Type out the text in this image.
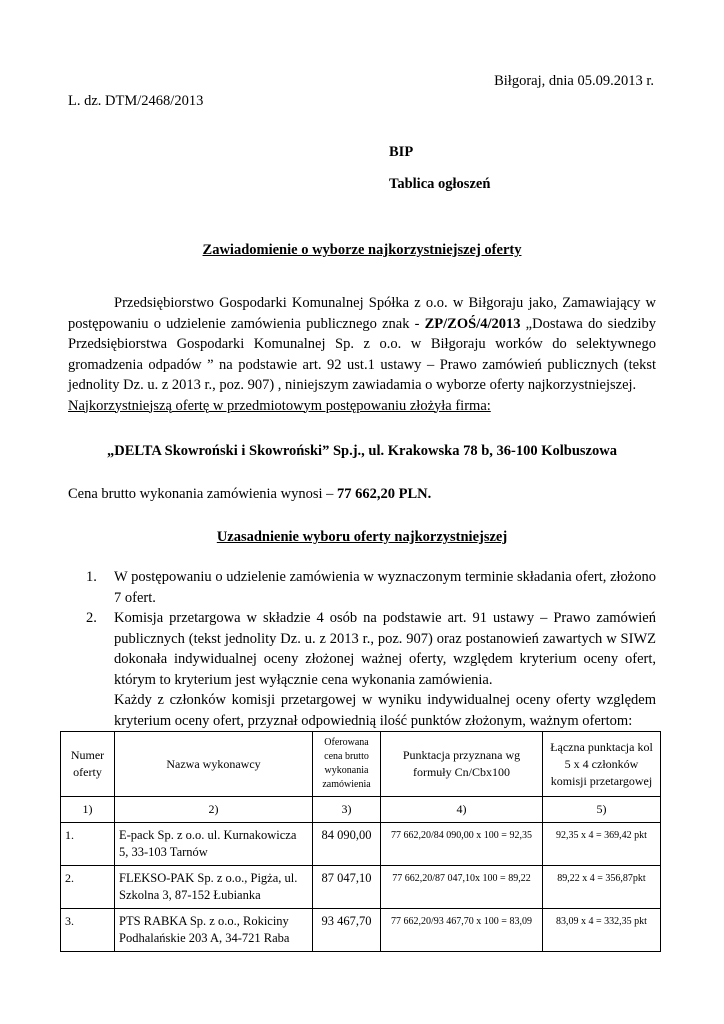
Biłgoraj, dnia 05.09.2013 r.
L. dz. DTM/2468/2013
BIP
Tablica ogłoszeń
Zawiadomienie o wyborze najkorzystniejszej oferty

Przedsiębiorstwo Gospodarki Komunalnej Spółka z o.o. w Biłgoraju jako, Zamawiający w postępowaniu o udzielenie zamówienia publicznego znak - ZP/ZOŚ/4/2013 „Dostawa do siedziby Przedsiębiorstwa Gospodarki Komunalnej Sp. z o.o. w Biłgoraju worków do selektywnego gromadzenia odpadów ” na podstawie art. 92 ust.1 ustawy – Prawo zamówień publicznych (tekst jednolity Dz. u. z 2013 r., poz. 907) , niniejszym zawiadamia o wyborze oferty najkorzystniejszej.

Najkorzystniejszą ofertę w przedmiotowym postępowaniu złożyła firma:
„DELTA Skowroński i Skowroński” Sp.j., ul. Krakowska 78 b, 36-100 Kolbuszowa
Cena brutto wykonania zamówienia wynosi – 77 662,20 PLN.
Uzasadnienie wyboru oferty najkorzystniejszej
1. W postępowaniu o udzielenie zamówienia w wyznaczonym terminie składania ofert, złożono 7 ofert.
2. Komisja przetargowa w składzie 4 osób na podstawie art. 91 ustawy – Prawo zamówień publicznych (tekst jednolity Dz. u. z 2013 r., poz. 907) oraz postanowień zawartych w SIWZ dokonała indywidualnej oceny złożonej ważnej oferty, względem kryterium oceny ofert, którym to kryterium jest wyłącznie cena wykonania zamówienia.
Każdy z członków komisji przetargowej w wyniku indywidualnej oceny oferty względem kryterium oceny ofert, przyznał odpowiednią ilość punktów złożonym, ważnym ofertom:
Numer oferty	Nazwa wykonawcy	Oferowana cena brutto wykonania zamówienia	Punktacja przyznana wg formuły Cn/Cbx100	Łączna punktacja kol 5 x 4 członków komisji przetargowej
1)	2)	3)	4)	5)
1.	E-pack Sp. z o.o. ul. Kurnakowicza 5, 33-103 Tarnów	84 090,00	77 662,20/84 090,00 x 100 = 92,35	92,35 x 4 = 369,42 pkt
2.	FLEKSO-PAK Sp. z o.o., Pigża, ul. Szkolna 3, 87-152 Łubianka	87 047,10	77 662,20/87 047,10x 100 = 89,22	89,22 x 4 = 356,87pkt
3.	PTS RABKA Sp. z o.o., Rokiciny Podhalańskie 203 A, 34-721 Raba	93 467,70	77 662,20/93 467,70 x 100 = 83,09	83,09 x 4 = 332,35 pkt
